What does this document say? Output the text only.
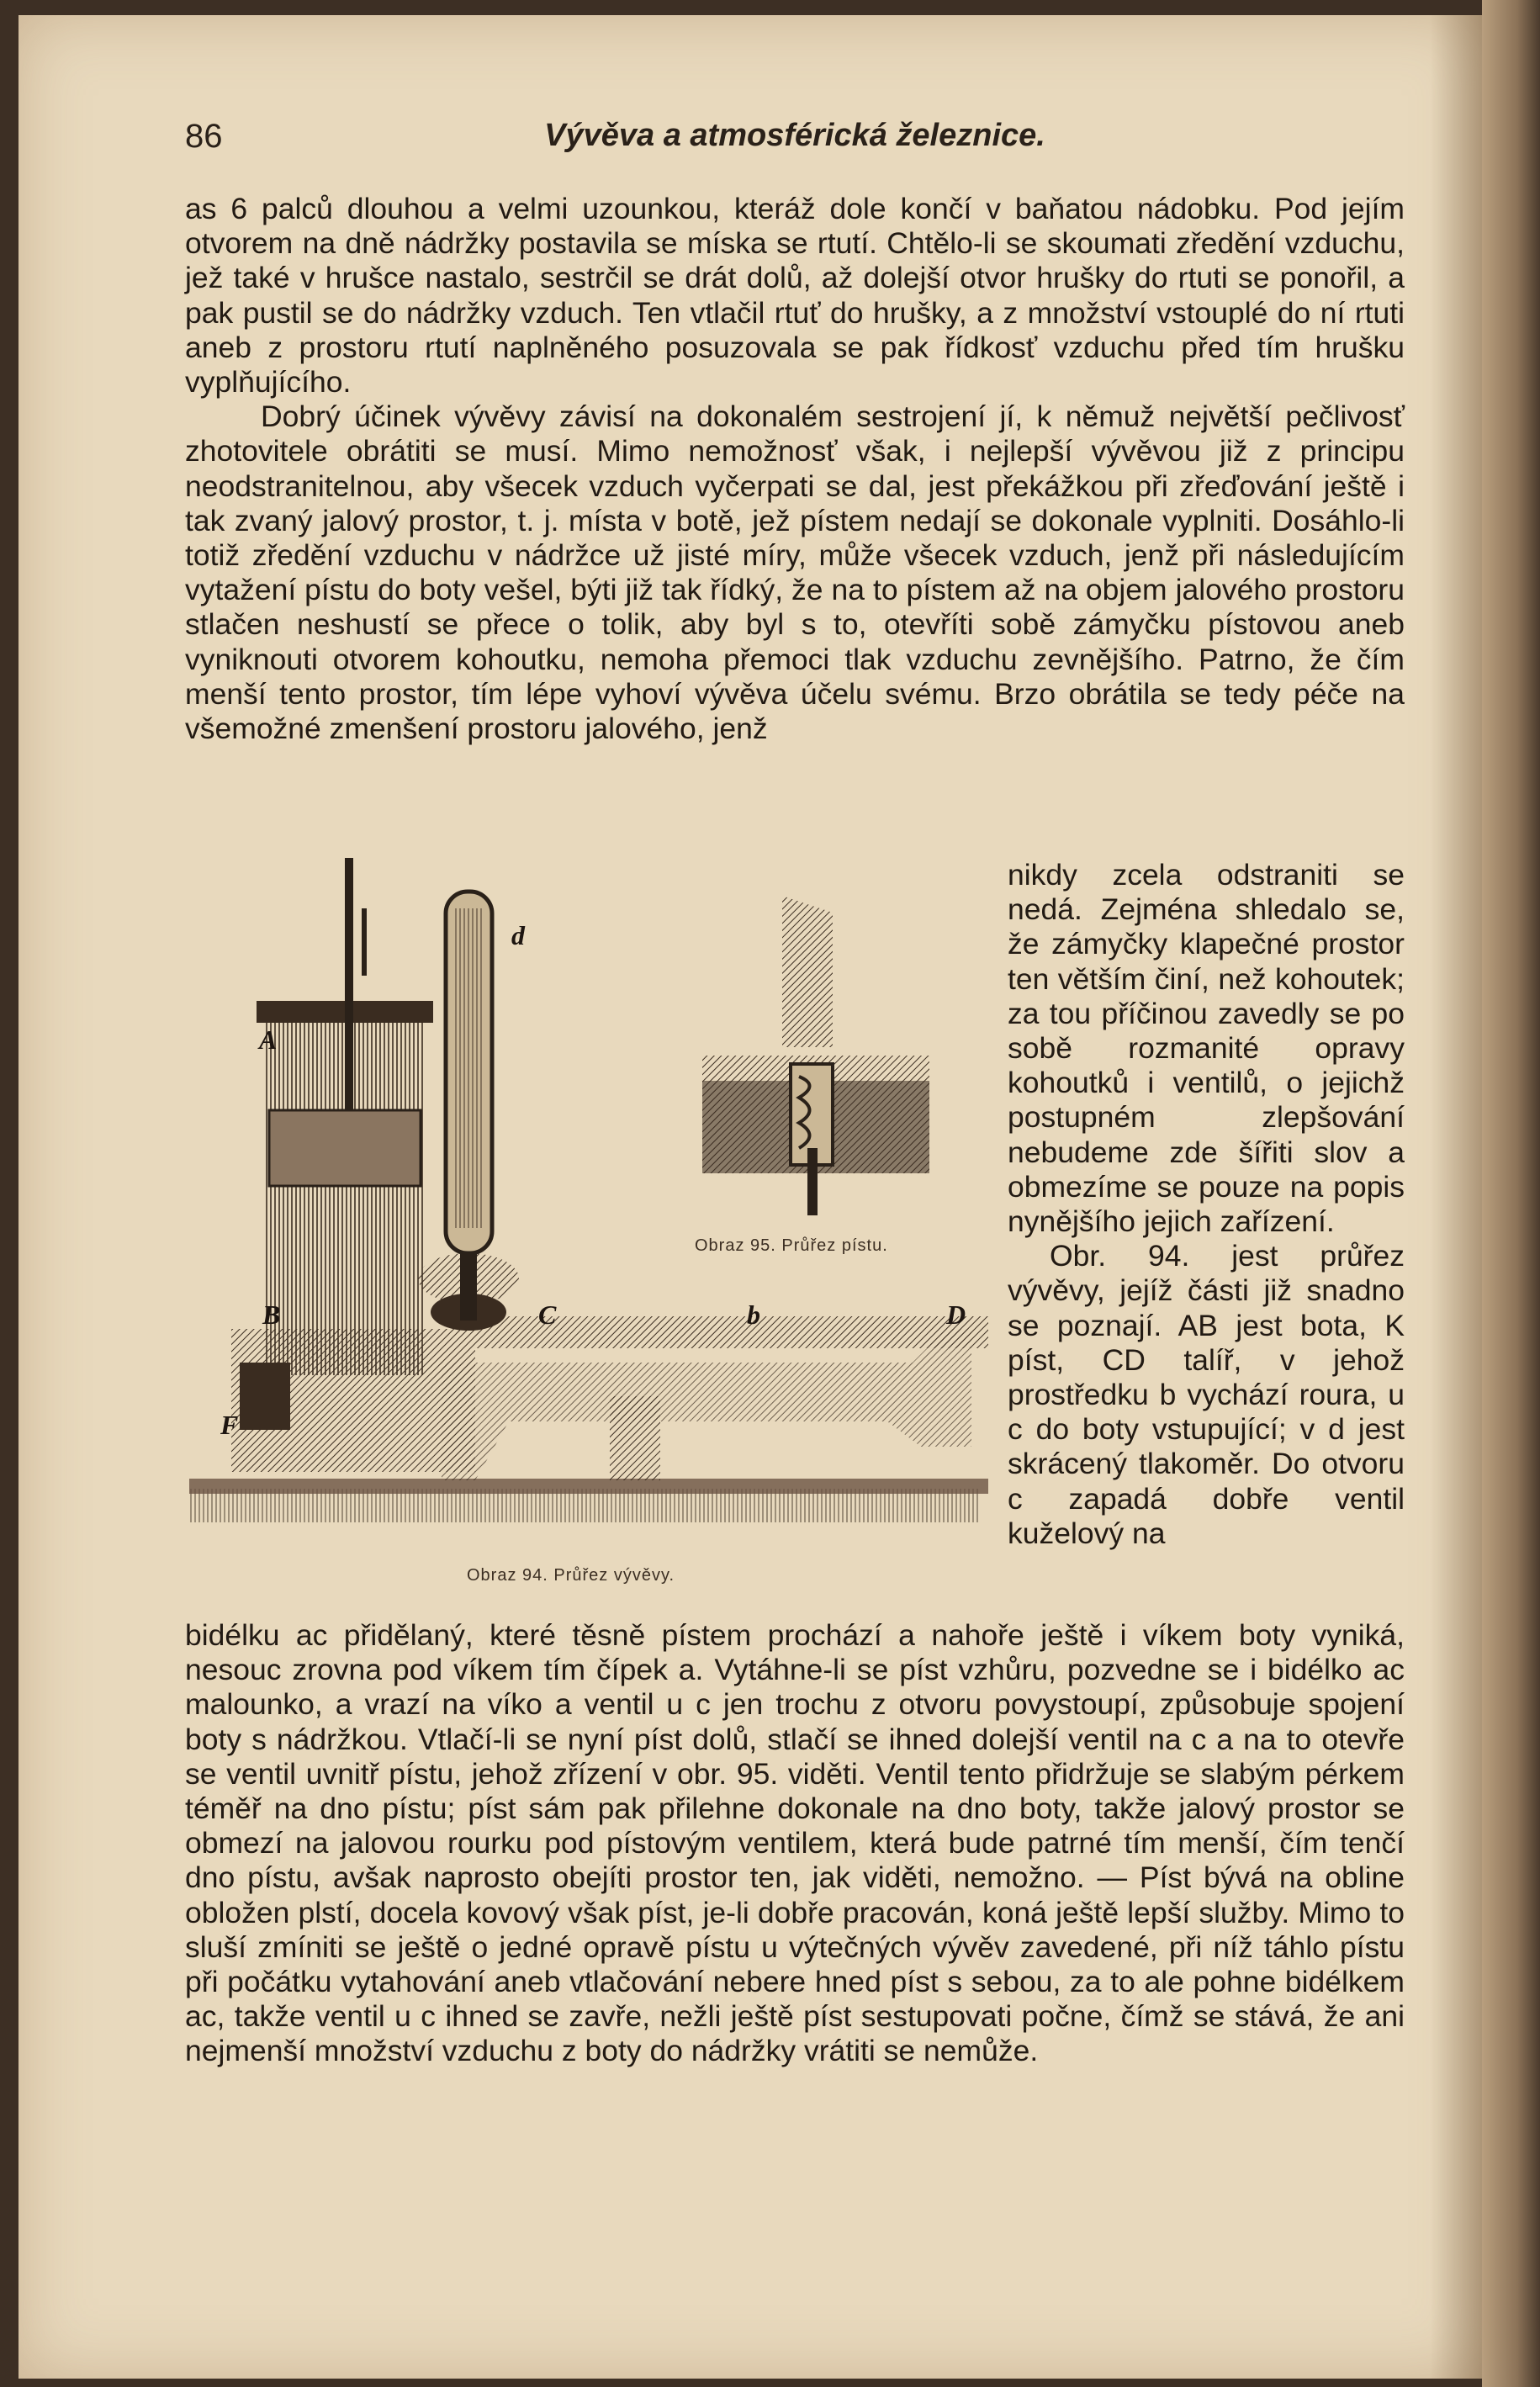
86	Vývěva a atmosférická železnice.

as 6 palců dlouhou a velmi uzounkou, kteráž dole končí v baňatou nádobku. Pod jejím otvorem na dně nádržky postavila se míska se rtutí. Chtělo-li se skoumati zředění vzduchu, jež také v hrušce nastalo, sestrčil se drát dolů, až dolejší otvor hrušky do rtuti se ponořil, a pak pustil se do nádržky vzduch. Ten vtlačil rtuť do hrušky, a z množství vstouplé do ní rtuti aneb z prostoru rtutí naplněného posuzovala se pak řídkosť vzduchu před tím hrušku vyplňujícího.

Dobrý účinek vývěvy závisí na dokonalém sestrojení jí, k němuž největší pečlivosť zhotovitele obrátiti se musí. Mimo nemožnosť však, i nejlepší vývěvou již z principu neodstranitelnou, aby všecek vzduch vyčerpati se dal, jest překážkou při zřeďování ještě i tak zvaný jalový prostor, t. j. místa v botě, jež pístem nedají se dokonale vyplniti. Dosáhlo-li totiž zředění vzduchu v nádržce už jisté míry, může všecek vzduch, jenž při následujícím vytažení pístu do boty vešel, býti již tak řídký, že na to pístem až na objem jalového prostoru stlačen neshustí se přece o tolik, aby byl s to, otevříti sobě zámyčku pístovou aneb vyniknouti otvorem kohoutku, nemoha přemoci tlak vzduchu zevnějšího. Patrno, že čím menší tento prostor, tím lépe vyhoví vývěva účelu svému. Brzo obrátila se tedy péče na všemožné zmenšení prostoru jalového, jenž

A
d
B	C	b	D
F
Obraz 94. Průřez vývěvy.
Obraz 95. Průřez pístu.

nikdy zcela odstraniti se nedá. Zejména shledalo se, že zámyčky klapečné prostor ten větším činí, než kohoutek; za tou příčinou zavedly se po sobě rozmanité opravy kohoutků i ventilů, o jejichž postupném zlepšování nebudeme zde šířiti slov a obmezíme se pouze na popis nynějšího jejich zařízení.

Obr. 94. jest průřez vývěvy, jejíž části již snadno se poznají. AB jest bota, K píst, CD talíř, v jehož prostředku b vychází roura, u c do boty vstupující; v d jest skrácený tlakoměr. Do otvoru c zapadá dobře ventil kuželový na

bidélku ac přidělaný, které těsně pístem prochází a nahoře ještě i víkem boty vyniká, nesouc zrovna pod víkem tím čípek a. Vytáhne-li se píst vzhůru, pozvedne se i bidélko ac malounko, a vrazí na víko a ventil u c jen trochu z otvoru povystoupí, způsobuje spojení boty s nádržkou. Vtlačí-li se nyní píst dolů, stlačí se ihned dolejší ventil na c a na to otevře se ventil uvnitř pístu, jehož zřízení v obr. 95. viděti. Ventil tento přidržuje se slabým pérkem téměř na dno pístu; píst sám pak přilehne dokonale na dno boty, takže jalový prostor se obmezí na jalovou rourku pod pístovým ventilem, která bude patrné tím menší, čím tenčí dno pístu, avšak naprosto obejíti prostor ten, jak viděti, nemožno. — Píst bývá na obline obložen plstí, docela kovový však píst, je-li dobře pracován, koná ještě lepší služby. Mimo to sluší zmíniti se ještě o jedné opravě pístu u výtečných vývěv zavedené, při níž táhlo pístu při počátku vytahování aneb vtlačování nebere hned píst s sebou, za to ale pohne bidélkem ac, takže ventil u c ihned se zavře, nežli ještě píst sestupovati počne, čímž se stává, že ani nejmenší množství vzduchu z boty do nádržky vrátiti se nemůže.
